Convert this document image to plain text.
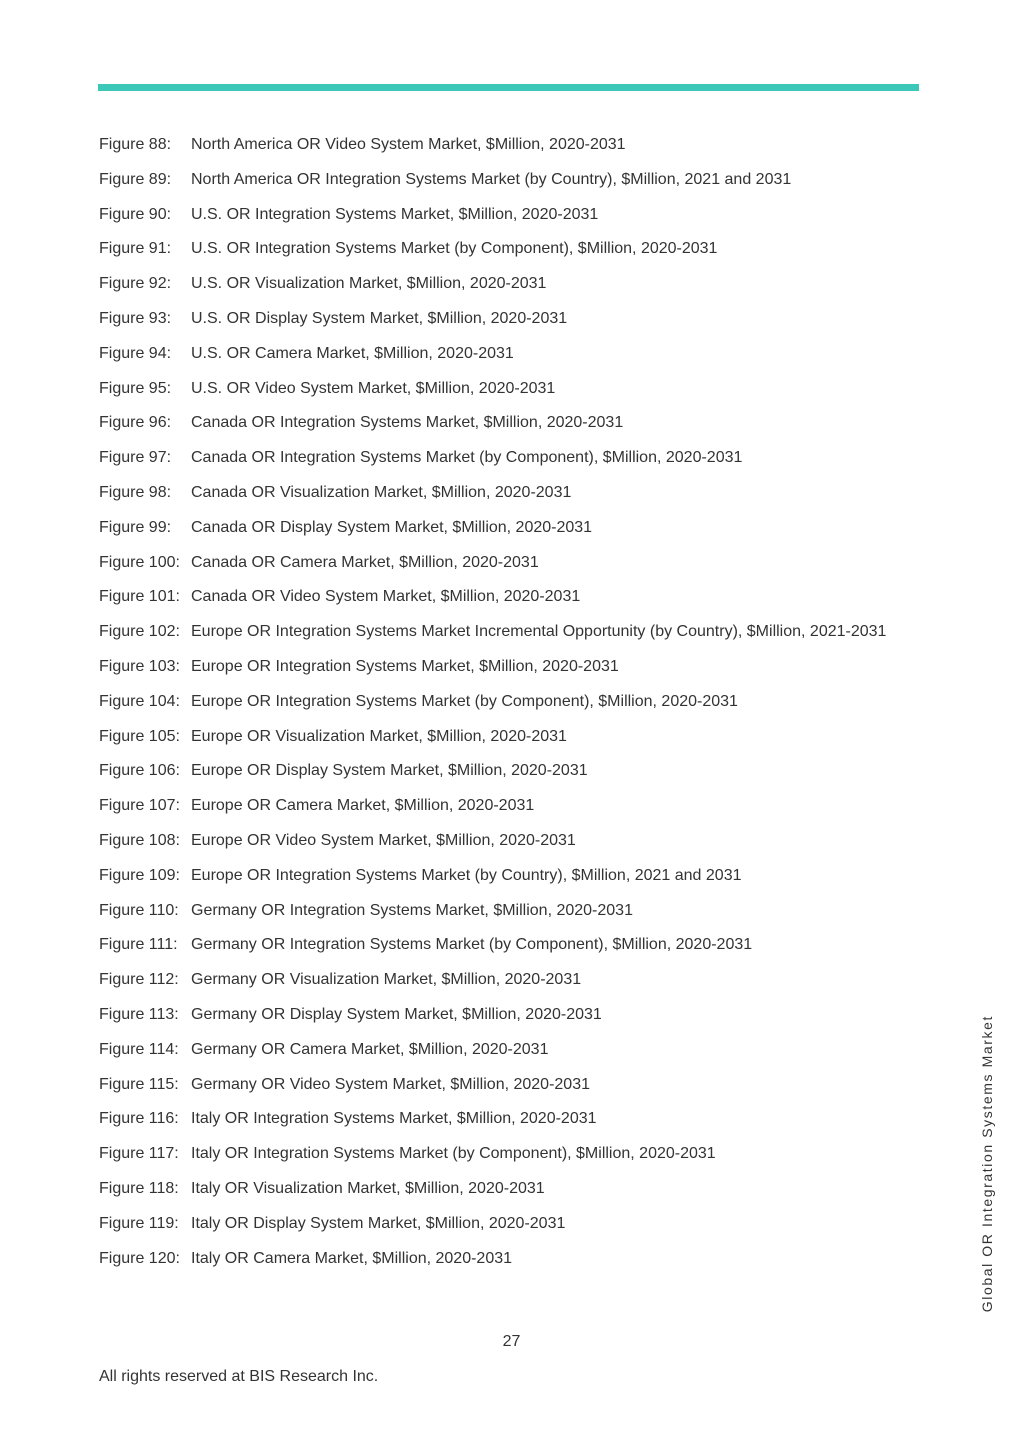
Figure 88:	North America OR Video System Market, $Million, 2020-2031
Figure 89:	North America OR Integration Systems Market (by Country), $Million, 2021 and 2031
Figure 90:	U.S. OR Integration Systems Market, $Million, 2020-2031
Figure 91:	U.S. OR Integration Systems Market (by Component), $Million, 2020-2031
Figure 92:	U.S. OR Visualization Market, $Million, 2020-2031
Figure 93:	U.S. OR Display System Market, $Million, 2020-2031
Figure 94:	U.S. OR Camera Market, $Million, 2020-2031
Figure 95:	U.S. OR Video System Market, $Million, 2020-2031
Figure 96:	Canada OR Integration Systems Market, $Million, 2020-2031
Figure 97:	Canada OR Integration Systems Market (by Component), $Million, 2020-2031
Figure 98:	Canada OR Visualization Market, $Million, 2020-2031
Figure 99:	Canada OR Display System Market, $Million, 2020-2031
Figure 100: Canada OR Camera Market, $Million, 2020-2031
Figure 101: Canada OR Video System Market, $Million, 2020-2031
Figure 102: Europe OR Integration Systems Market Incremental Opportunity (by Country), $Million, 2021-2031
Figure 103: Europe OR Integration Systems Market, $Million, 2020-2031
Figure 104: Europe OR Integration Systems Market (by Component), $Million, 2020-2031
Figure 105: Europe OR Visualization Market, $Million, 2020-2031
Figure 106: Europe OR Display System Market, $Million, 2020-2031
Figure 107: Europe OR Camera Market, $Million, 2020-2031
Figure 108: Europe OR Video System Market, $Million, 2020-2031
Figure 109: Europe OR Integration Systems Market (by Country), $Million, 2021 and 2031
Figure 110: Germany OR Integration Systems Market, $Million, 2020-2031
Figure 111: Germany OR Integration Systems Market (by Component), $Million, 2020-2031
Figure 112: Germany OR Visualization Market, $Million, 2020-2031
Figure 113: Germany OR Display System Market, $Million, 2020-2031
Figure 114: Germany OR Camera Market, $Million, 2020-2031
Figure 115: Germany OR Video System Market, $Million, 2020-2031
Figure 116: Italy OR Integration Systems Market, $Million, 2020-2031
Figure 117: Italy OR Integration Systems Market (by Component), $Million, 2020-2031
Figure 118: Italy OR Visualization Market, $Million, 2020-2031
Figure 119: Italy OR Display System Market, $Million, 2020-2031
Figure 120: Italy OR Camera Market, $Million, 2020-2031	Global OR Integration Systems Market
27
All rights reserved at BIS Research Inc.
